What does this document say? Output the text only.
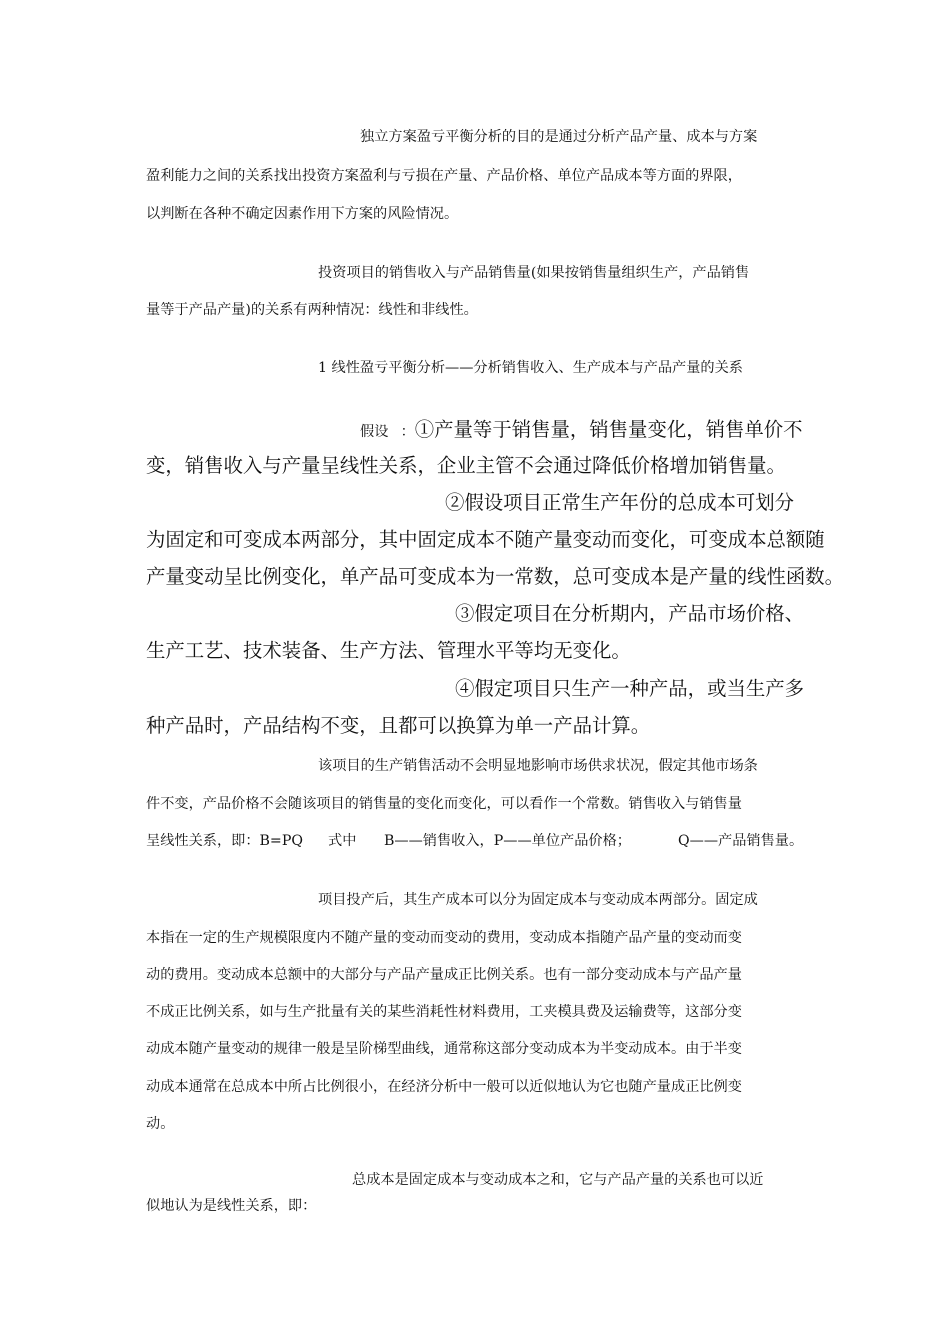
独立方案盈亏平衡分析的目的是通过分析产品产量、成本与方案
盈利能力之间的关系找出投资方案盈利与亏损在产量、产品价格、单位产品成本等方面的界限，
以判断在各种不确定因素作用下方案的风险情况。
投资项目的销售收入与产品销售量(如果按销售量组织生产，产品销售
量等于产品产量)的关系有两种情况：线性和非线性。
1 线性盈亏平衡分析——分析销售收入、生产成本与产品产量的关系
假设 ：①产量等于销售量，销售量变化，销售单价不
变，销售收入与产量呈线性关系，企业主管不会通过降低价格增加销售量。
②假设项目正常生产年份的总成本可划分
为固定和可变成本两部分，其中固定成本不随产量变动而变化，可变成本总额随
产量变动呈比例变化，单产品可变成本为一常数，总可变成本是产量的线性函数。
③假定项目在分析期内，产品市场价格、
生产工艺、技术装备、生产方法、管理水平等均无变化。
④假定项目只生产一种产品，或当生产多
种产品时，产品结构不变，且都可以换算为单一产品计算。
该项目的生产销售活动不会明显地影响市场供求状况，假定其他市场条
件不变，产品价格不会随该项目的销售量的变化而变化，可以看作一个常数。销售收入与销售量
呈线性关系，即：B=PQ 式中 B——销售收入，P——单位产品价格；	Q——产品销售量。
项目投产后，其生产成本可以分为固定成本与变动成本两部分。固定成
本指在一定的生产规模限度内不随产量的变动而变动的费用，变动成本指随产品产量的变动而变
动的费用。变动成本总额中的大部分与产品产量成正比例关系。也有一部分变动成本与产品产量
不成正比例关系，如与生产批量有关的某些消耗性材料费用，工夹模具费及运输费等，这部分变
动成本随产量变动的规律一般是呈阶梯型曲线，通常称这部分变动成本为半变动成本。由于半变
动成本通常在总成本中所占比例很小，在经济分析中一般可以近似地认为它也随产量成正比例变
动。
总成本是固定成本与变动成本之和，它与产品产量的关系也可以近
似地认为是线性关系，即：
